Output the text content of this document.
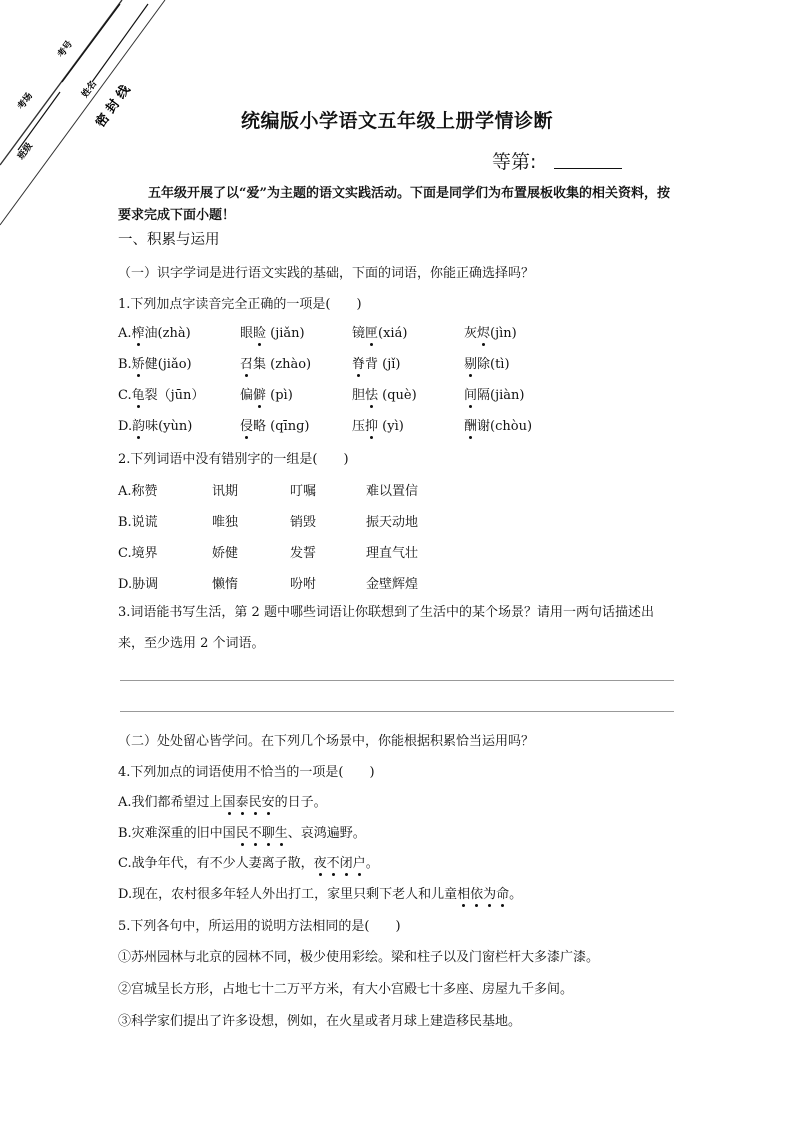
考场
考号
姓名
班级
密 封 线	统编版小学语文五年级上册学情诊断
等第:
五年级开展了以“爱”为主题的语文实践活动。下面是同学们为布置展板收集的相关资料，按要求完成下面小题！
一、积累与运用
（一）识字学词是进行语文实践的基础，下面的词语，你能正确选择吗？
1.下列加点字读音完全正确的一项是(　　)
A.榨油(zhà)	眼睑 (jiǎn)	镜匣(xiá)	灰烬(jìn)
B.矫健(jiǎo)	召集 (zhào)	脊背 (jǐ)	剔除(tì)
C.龟裂（jūn）	偏僻 (pì)	胆怯 (què)	间隔(jiàn)
D.韵味(yùn)	侵略 (qīnɡ)	压抑 (yì)	酬谢(chòu)
2.下列词语中没有错别字的一组是(　　)
A.称赞	讯期	叮嘱	难以置信
B.说谎	唯独	销毁	振天动地
C.境界	娇健	发誓	理直气壮
D.胁调	懒惰	吩咐	金壁辉煌
3.词语能书写生活，第 2 题中哪些词语让你联想到了生活中的某个场景？请用一两句话描述出来，至少选用 2 个词语。
（二）处处留心皆学问。在下列几个场景中，你能根据积累恰当运用吗？
4.下列加点的词语使用不恰当的一项是(　　)
A.我们都希望过上国泰民安的日子。
B.灾难深重的旧中国民不聊生、哀鸿遍野。
C.战争年代，有不少人妻离子散，夜不闭户。
D.现在，农村很多年轻人外出打工，家里只剩下老人和儿童相依为命。
5.下列各句中，所运用的说明方法相同的是(　　)
①苏州园林与北京的园林不同，极少使用彩绘。梁和柱子以及门窗栏杆大多漆广漆。
②宫城呈长方形，占地七十二万平方米，有大小宫殿七十多座、房屋九千多间。
③科学家们提出了许多设想，例如，在火星或者月球上建造移民基地。
